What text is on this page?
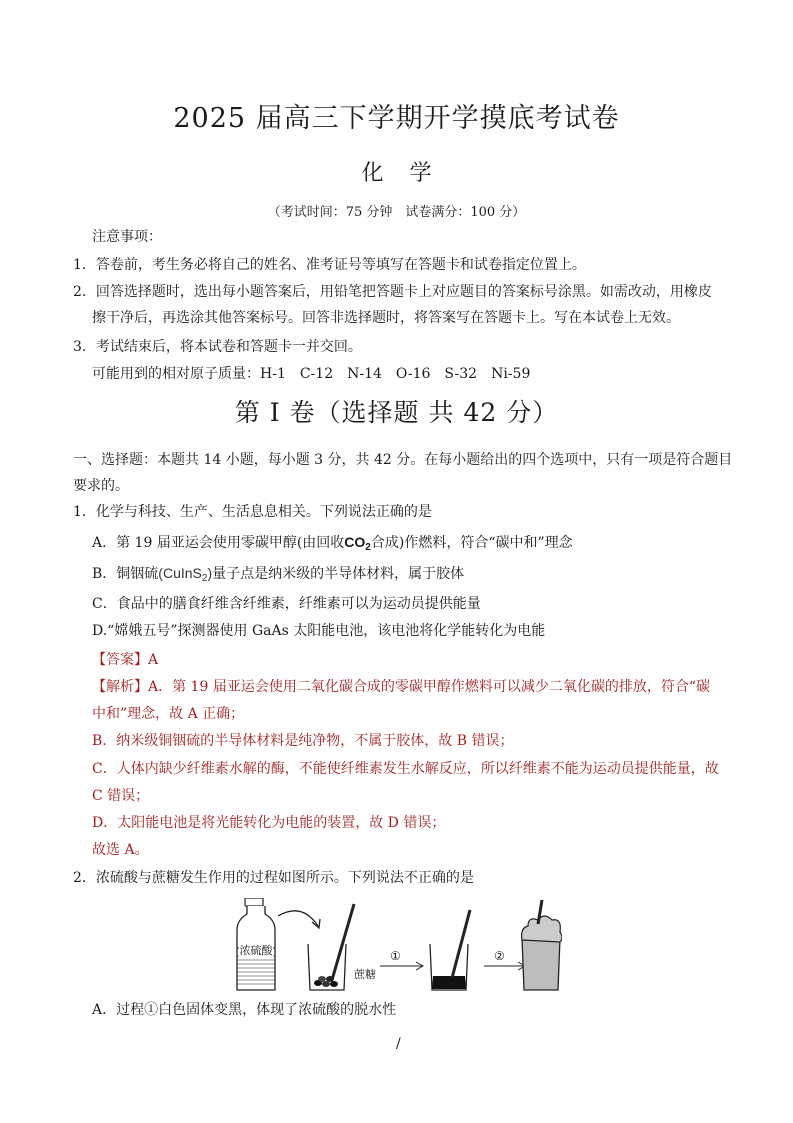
2025 届高三下学期开学摸底考试卷
化学
（考试时间：75 分钟　试卷满分：100 分）
注意事项：
1．答卷前，考生务必将自己的姓名、准考证号等填写在答题卡和试卷指定位置上。
2．回答选择题时，选出每小题答案后，用铅笔把答题卡上对应题目的答案标号涂黑。如需改动，用橡皮
擦干净后，再选涂其他答案标号。回答非选择题时，将答案写在答题卡上。写在本试卷上无效。
3．考试结束后，将本试卷和答题卡一并交回。
可能用到的相对原子质量：H-1　C-12　N-14　O-16　S-32　Ni-59
第 I 卷（选择题 共 42 分）
一、选择题：本题共 14 小题，每小题 3 分，共 42 分。在每小题给出的四个选项中，只有一项是符合题目
要求的。
1．化学与科技、生产、生活息息相关。下列说法正确的是
A．第 19 届亚运会使用零碳甲醇(由回收$CO_2$合成)作燃料，符合“碳中和”理念
B．铜铟硫(CuInS$_2$)量子点是纳米级的半导体材料，属于胶体
C．食品中的膳食纤维含纤维素，纤维素可以为运动员提供能量
D.“嫦娥五号”探测器使用 GaAs 太阳能电池，该电池将化学能转化为电能
【答案】A
【解析】A．第 19 届亚运会使用二氧化碳合成的零碳甲醇作燃料可以减少二氧化碳的排放，符合“碳
中和”理念，故 A 正确；
B．纳米级铜铟硫的半导体材料是纯净物，不属于胶体，故 B 错误；
C．人体内缺少纤维素水解的酶，不能使纤维素发生水解反应，所以纤维素不能为运动员提供能量，故
C 错误；
D．太阳能电池是将光能转化为电能的装置，故 D 错误；
故选 A。
2．浓硫酸与蔗糖发生作用的过程如图所示。下列说法不正确的是
浓硫酸
蔗糖
①	②
A．过程①白色固体变黑，体现了浓硫酸的脱水性
/
